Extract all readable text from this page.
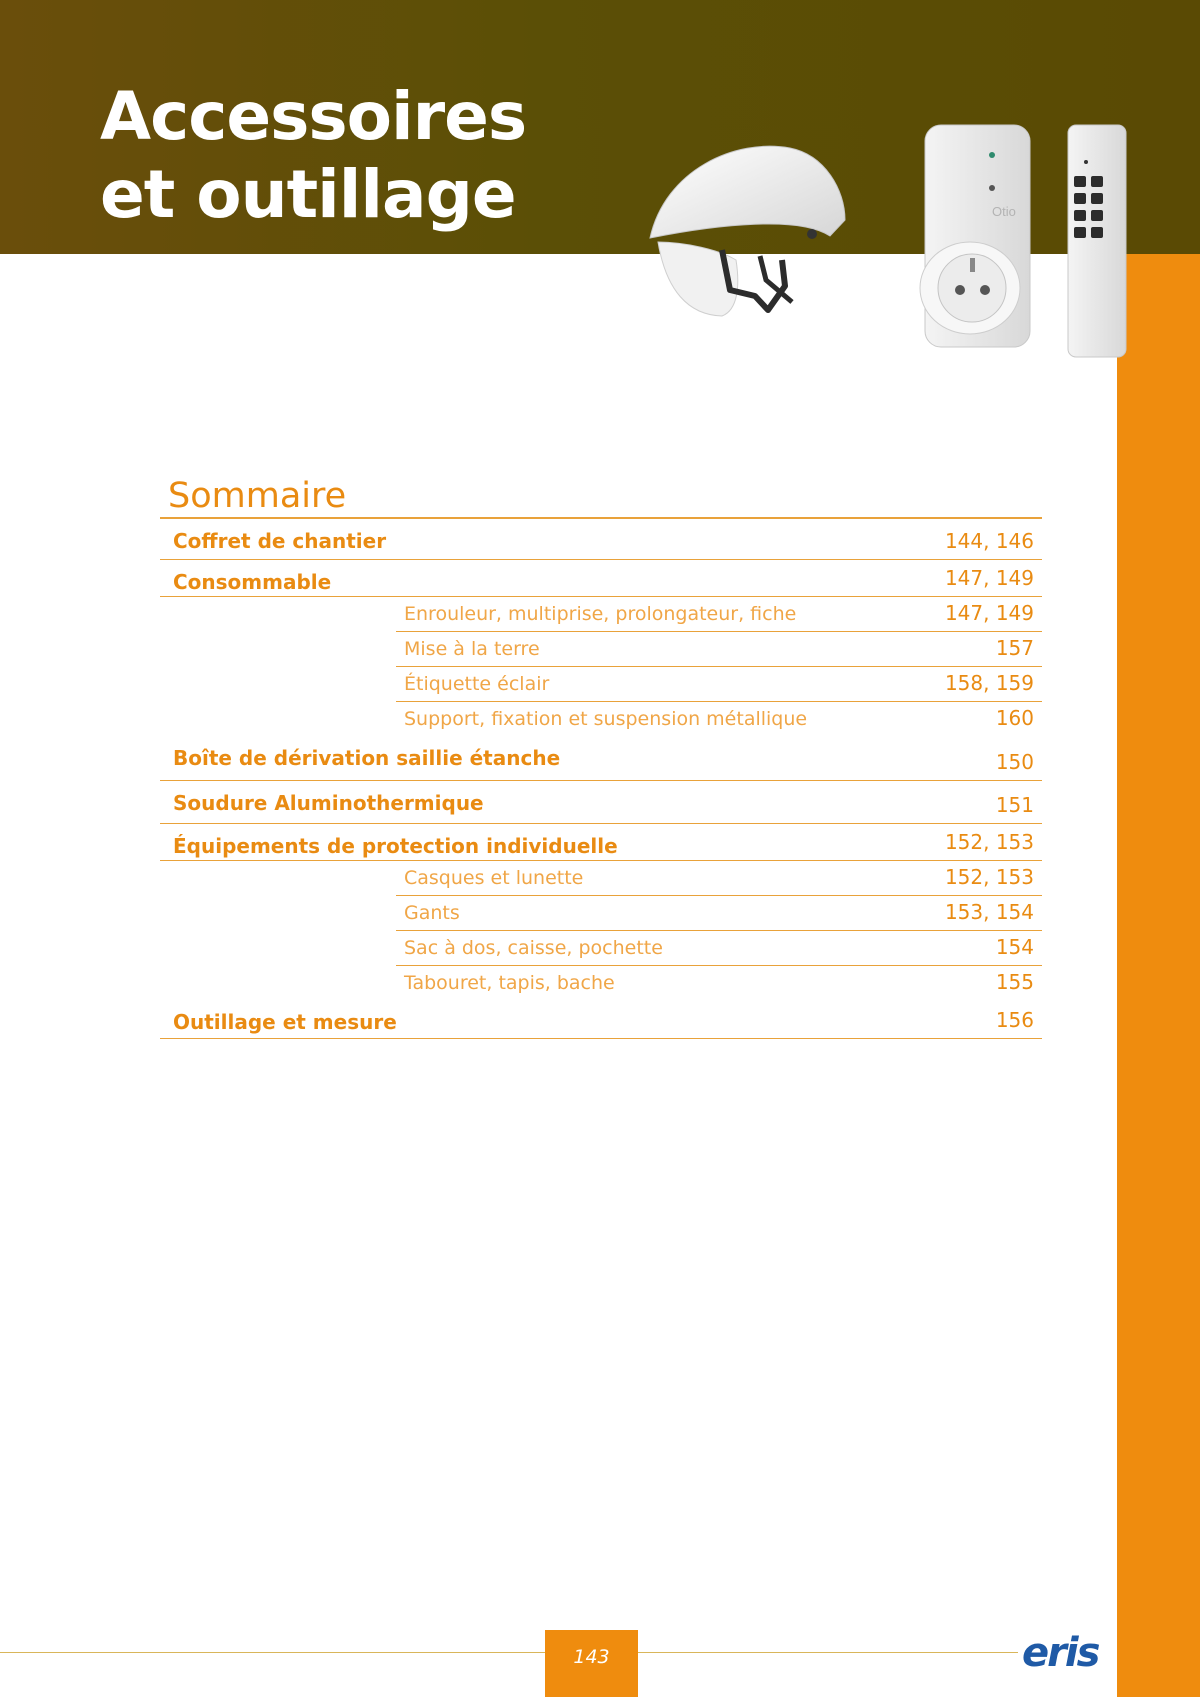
Accessoires
et outillage	Otio
Sommaire
Coffret de chantier	144, 146
Consommable	147, 149
Enrouleur, multiprise, prolongateur, fiche	147, 149
Mise à la terre	157
Étiquette éclair	158, 159
Support, fixation et suspension métallique	160
Boîte de dérivation saillie étanche	150
Soudure Aluminothermique	151
Équipements de protection individuelle	152, 153
Casques et lunette	152, 153
Gants	153, 154
Sac à dos, caisse, pochette	154
Tabouret, tapis, bache	155
Outillage et mesure	156
143	eris
